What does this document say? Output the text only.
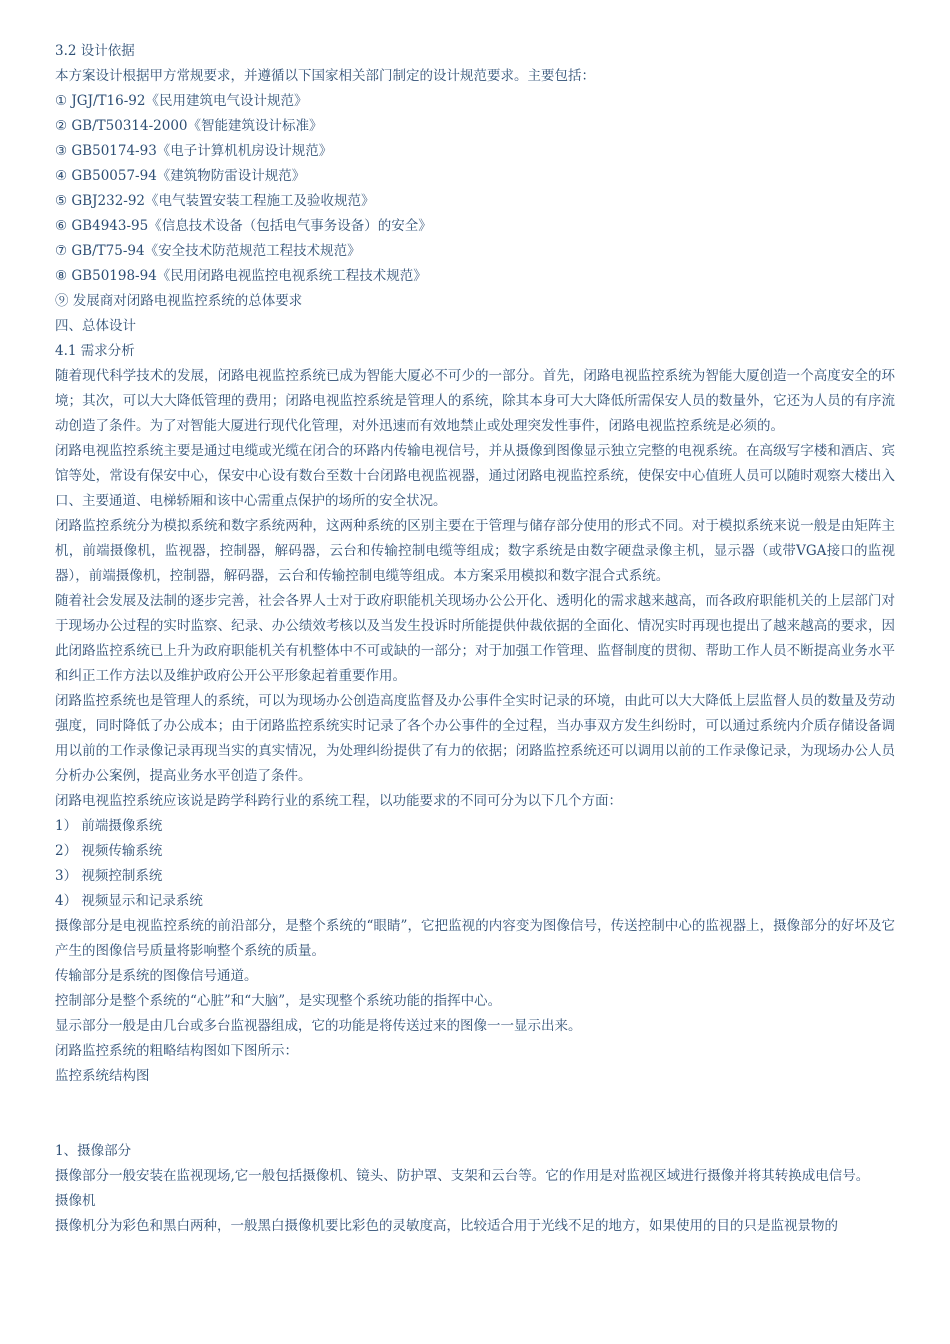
3.2 设计依据
本方案设计根据甲方常规要求，并遵循以下国家相关部门制定的设计规范要求。主要包括：
① JGJ/T16-92《民用建筑电气设计规范》
② GB/T50314-2000《智能建筑设计标准》
③ GB50174-93《电子计算机机房设计规范》
④ GB50057-94《建筑物防雷设计规范》
⑤ GBJ232-92《电气装置安装工程施工及验收规范》
⑥ GB4943-95《信息技术设备（包括电气事务设备）的安全》
⑦ GB/T75-94《安全技术防范规范工程技术规范》
⑧ GB50198-94《民用闭路电视监控电视系统工程技术规范》
⑨ 发展商对闭路电视监控系统的总体要求
四、总体设计
4.1 需求分析
随着现代科学技术的发展，闭路电视监控系统已成为智能大厦必不可少的一部分。首先，闭路电视监控系统为智能大厦创造一个高度安全的环境；其次，可以大大降低管理的费用；闭路电视监控系统是管理人的系统，除其本身可大大降低所需保安人员的数量外，它还为人员的有序流动创造了条件。为了对智能大厦进行现代化管理，对外迅速而有效地禁止或处理突发性事件，闭路电视监控系统是必须的。
闭路电视监控系统主要是通过电缆或光缆在闭合的环路内传输电视信号，并从摄像到图像显示独立完整的电视系统。在高级写字楼和酒店、宾馆等处，常设有保安中心，保安中心设有数台至数十台闭路电视监视器，通过闭路电视监控系统，使保安中心值班人员可以随时观察大楼出入口、主要通道、电梯轿厢和该中心需重点保护的场所的安全状况。
闭路监控系统分为模拟系统和数字系统两种，这两种系统的区别主要在于管理与储存部分使用的形式不同。对于模拟系统来说一般是由矩阵主机，前端摄像机，监视器，控制器，解码器，云台和传输控制电缆等组成；数字系统是由数字硬盘录像主机，显示器（或带VGA接口的监视器），前端摄像机，控制器，解码器，云台和传输控制电缆等组成。本方案采用模拟和数字混合式系统。
随着社会发展及法制的逐步完善，社会各界人士对于政府职能机关现场办公公开化、透明化的需求越来越高，而各政府职能机关的上层部门对于现场办公过程的实时监察、纪录、办公绩效考核以及当发生投诉时所能提供仲裁依据的全面化、情况实时再现也提出了越来越高的要求，因此闭路监控系统已上升为政府职能机关有机整体中不可或缺的一部分；对于加强工作管理、监督制度的贯彻、帮助工作人员不断提高业务水平和纠正工作方法以及维护政府公开公平形象起着重要作用。
闭路监控系统也是管理人的系统，可以为现场办公创造高度监督及办公事件全实时记录的环境，由此可以大大降低上层监督人员的数量及劳动强度，同时降低了办公成本；由于闭路监控系统实时记录了各个办公事件的全过程，当办事双方发生纠纷时，可以通过系统内介质存储设备调用以前的工作录像记录再现当实的真实情况，为处理纠纷提供了有力的依据；闭路监控系统还可以调用以前的工作录像记录，为现场办公人员分析办公案例，提高业务水平创造了条件。
闭路电视监控系统应该说是跨学科跨行业的系统工程，以功能要求的不同可分为以下几个方面：
1） 前端摄像系统
2） 视频传输系统
3） 视频控制系统
4） 视频显示和记录系统
摄像部分是电视监控系统的前沿部分，是整个系统的“眼睛”，它把监视的内容变为图像信号，传送控制中心的监视器上，摄像部分的好坏及它产生的图像信号质量将影响整个系统的质量。
传输部分是系统的图像信号通道。
控制部分是整个系统的“心脏”和“大脑”，是实现整个系统功能的指挥中心。
显示部分一般是由几台或多台监视器组成，它的功能是将传送过来的图像一一显示出来。
闭路监控系统的粗略结构图如下图所示：
监控系统结构图
1、摄像部分
摄像部分一般安装在监视现场,它一般包括摄像机、镜头、防护罩、支架和云台等。它的作用是对监视区域进行摄像并将其转换成电信号。
摄像机
摄像机分为彩色和黑白两种，一般黑白摄像机要比彩色的灵敏度高，比较适合用于光线不足的地方，如果使用的目的只是监视景物的
